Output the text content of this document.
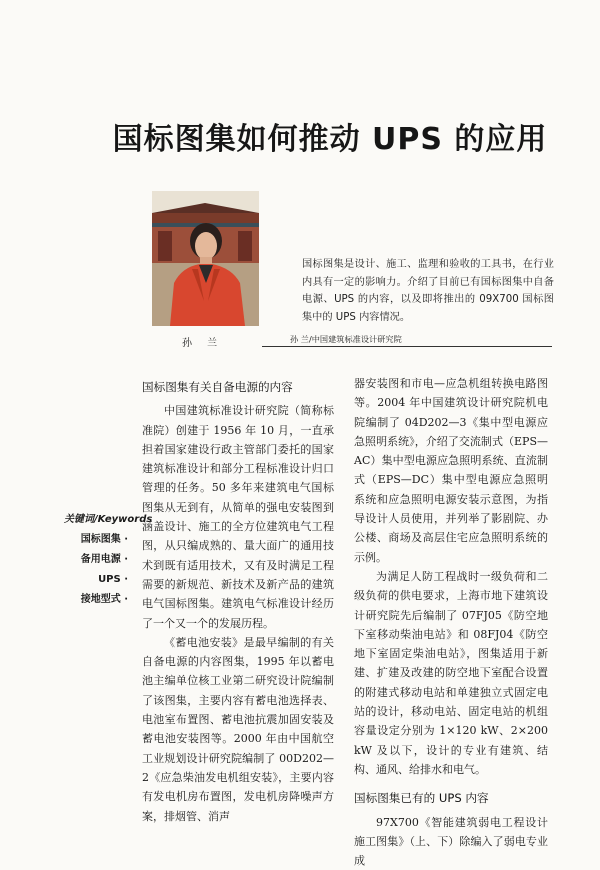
国标图集如何推动 UPS 的应用
孙 兰

国标图集是设计、施工、监理和验收的工具书，在行业内具有一定的影响力。介绍了目前已有国标图集中自备电源、UPS 的内容，以及即将推出的 09X700 国标图集中的 UPS 内容情况。

孙 兰/中国建筑标准设计研究院
关键词/Keywords
国标图集 ·
备用电源 ·
UPS ·
接地型式 ·
国标图集有关自备电源的内容

中国建筑标准设计研究院（简称标准院）创建于 1956 年 10 月，一直承担着国家建设行政主管部门委托的国家建筑标准设计和部分工程标准设计归口管理的任务。50 多年来建筑电气国标图集从无到有，从简单的强电安装图到涵盖设计、施工的全方位建筑电气工程图，从只编成熟的、量大面广的通用技术到既有适用技术，又有及时满足工程需要的新规范、新技术及新产品的建筑电气国标图集。建筑电气标准设计经历了一个又一个的发展历程。

《蓄电池安装》是最早编制的有关自备电源的内容图集，1995 年以蓄电池主编单位核工业第二研究设计院编制了该图集，主要内容有蓄电池选择表、电池室布置图、蓄电池抗震加固安装及蓄电池安装图等。2000 年由中国航空工业规划设计研究院编制了 00D202—2《应急柴油发电机组安装》，主要内容有发电机房布置图，发电机房降噪声方案，排烟管、消声

器安装图和市电—应急机组转换电路图等。2004 年中国建筑设计研究院机电院编制了 04D202—3《集中型电源应急照明系统》，介绍了交流制式（EPS—AC）集中型电源应急照明系统、直流制式（EPS—DC）集中型电源应急照明系统和应急照明电源安装示意图，为指导设计人员使用，并列举了影剧院、办公楼、商场及高层住宅应急照明系统的示例。

为满足人防工程战时一级负荷和二级负荷的供电要求，上海市地下建筑设计研究院先后编制了 07FJ05《防空地下室移动柴油电站》和 08FJ04《防空地下室固定柴油电站》，图集适用于新建、扩建及改建的防空地下室配合设置的附建式移动电站和单建独立式固定电站的设计，移动电站、固定电站的机组容量设定分别为 1×120 kW、2×200 kW 及以下，设计的专业有建筑、结构、通风、给排水和电气。

国标图集已有的 UPS 内容

97X700《智能建筑弱电工程设计施工图集》（上、下）除编入了弱电专业成
